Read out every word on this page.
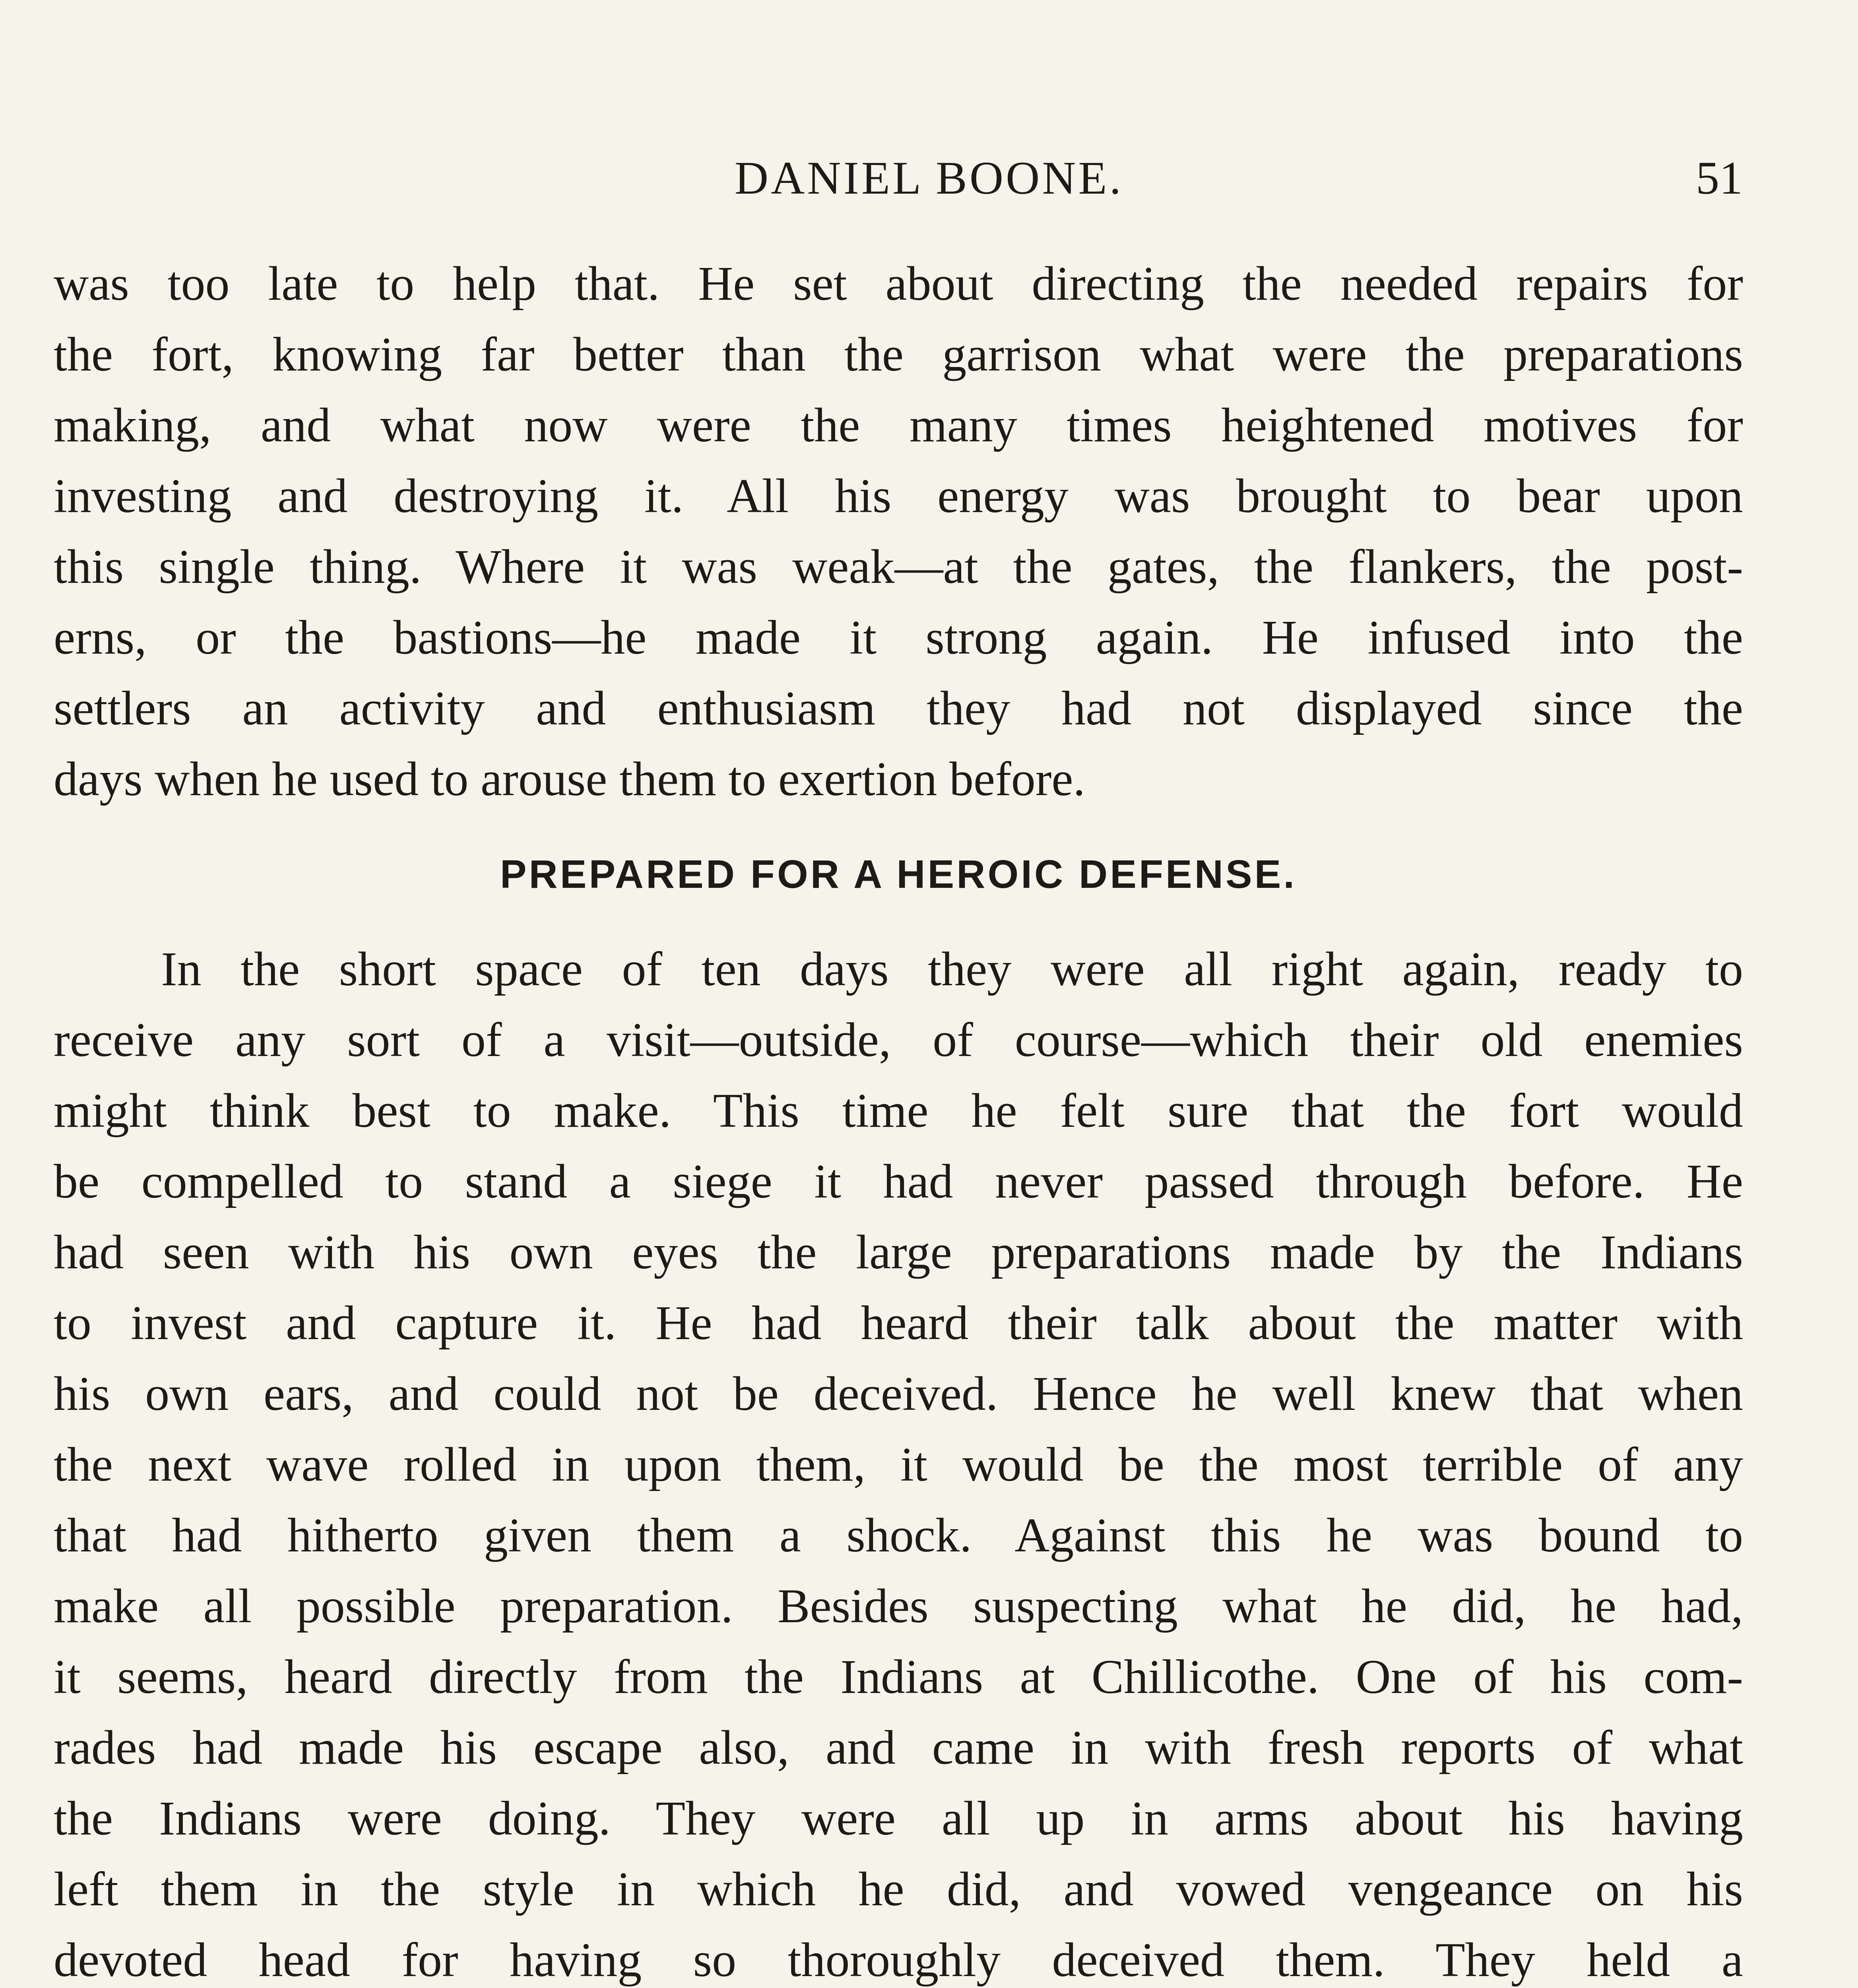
DANIEL BOONE.	51
was too late to help that. He set about directing the needed repairs for
the fort, knowing far better than the garrison what were the preparations
making, and what now were the many times heightened motives for
investing and destroying it. All his energy was brought to bear upon
this single thing. Where it was weak—at the gates, the flankers, the post-
erns, or the bastions—he made it strong again. He infused into the
settlers an activity and enthusiasm they had not displayed since the
days when he used to arouse them to exertion before.
PREPARED FOR A HEROIC DEFENSE.
In the short space of ten days they were all right again, ready to
receive any sort of a visit—outside, of course—which their old enemies
might think best to make. This time he felt sure that the fort would
be compelled to stand a siege it had never passed through before. He
had seen with his own eyes the large preparations made by the Indians
to invest and capture it. He had heard their talk about the matter with
his own ears, and could not be deceived. Hence he well knew that when
the next wave rolled in upon them, it would be the most terrible of any
that had hitherto given them a shock. Against this he was bound to
make all possible preparation. Besides suspecting what he did, he had,
it seems, heard directly from the Indians at Chillicothe. One of his com-
rades had made his escape also, and came in with fresh reports of what
the Indians were doing. They were all up in arms about his having
left them in the style in which he did, and vowed vengeance on his
devoted head for having so thoroughly deceived them. They held a
